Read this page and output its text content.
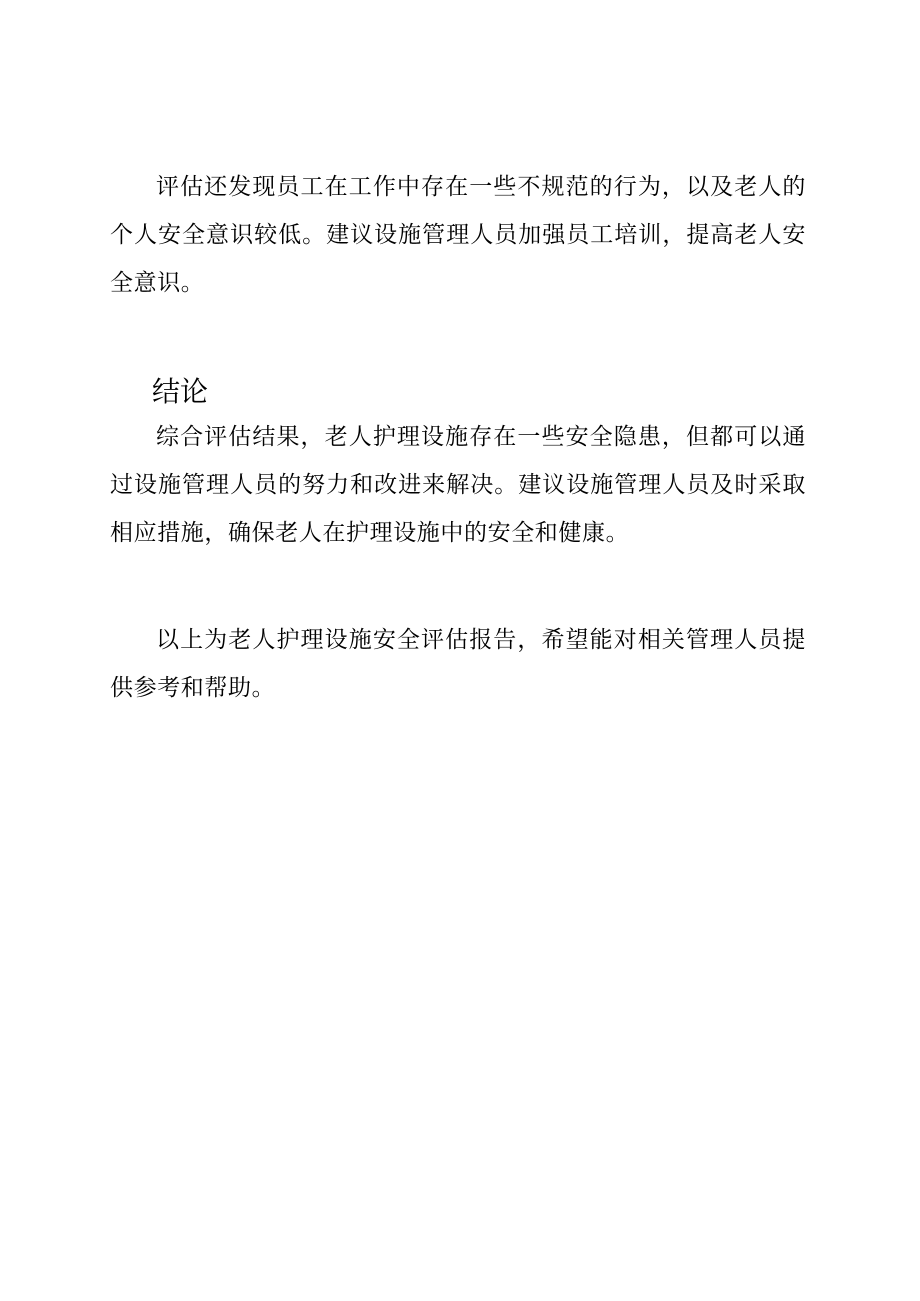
评估还发现员工在工作中存在一些不规范的行为，以及老人的个人安全意识较低。建议设施管理人员加强员工培训，提高老人安全意识。

结论

综合评估结果，老人护理设施存在一些安全隐患，但都可以通过设施管理人员的努力和改进来解决。建议设施管理人员及时采取相应措施，确保老人在护理设施中的安全和健康。

以上为老人护理设施安全评估报告，希望能对相关管理人员提供参考和帮助。
